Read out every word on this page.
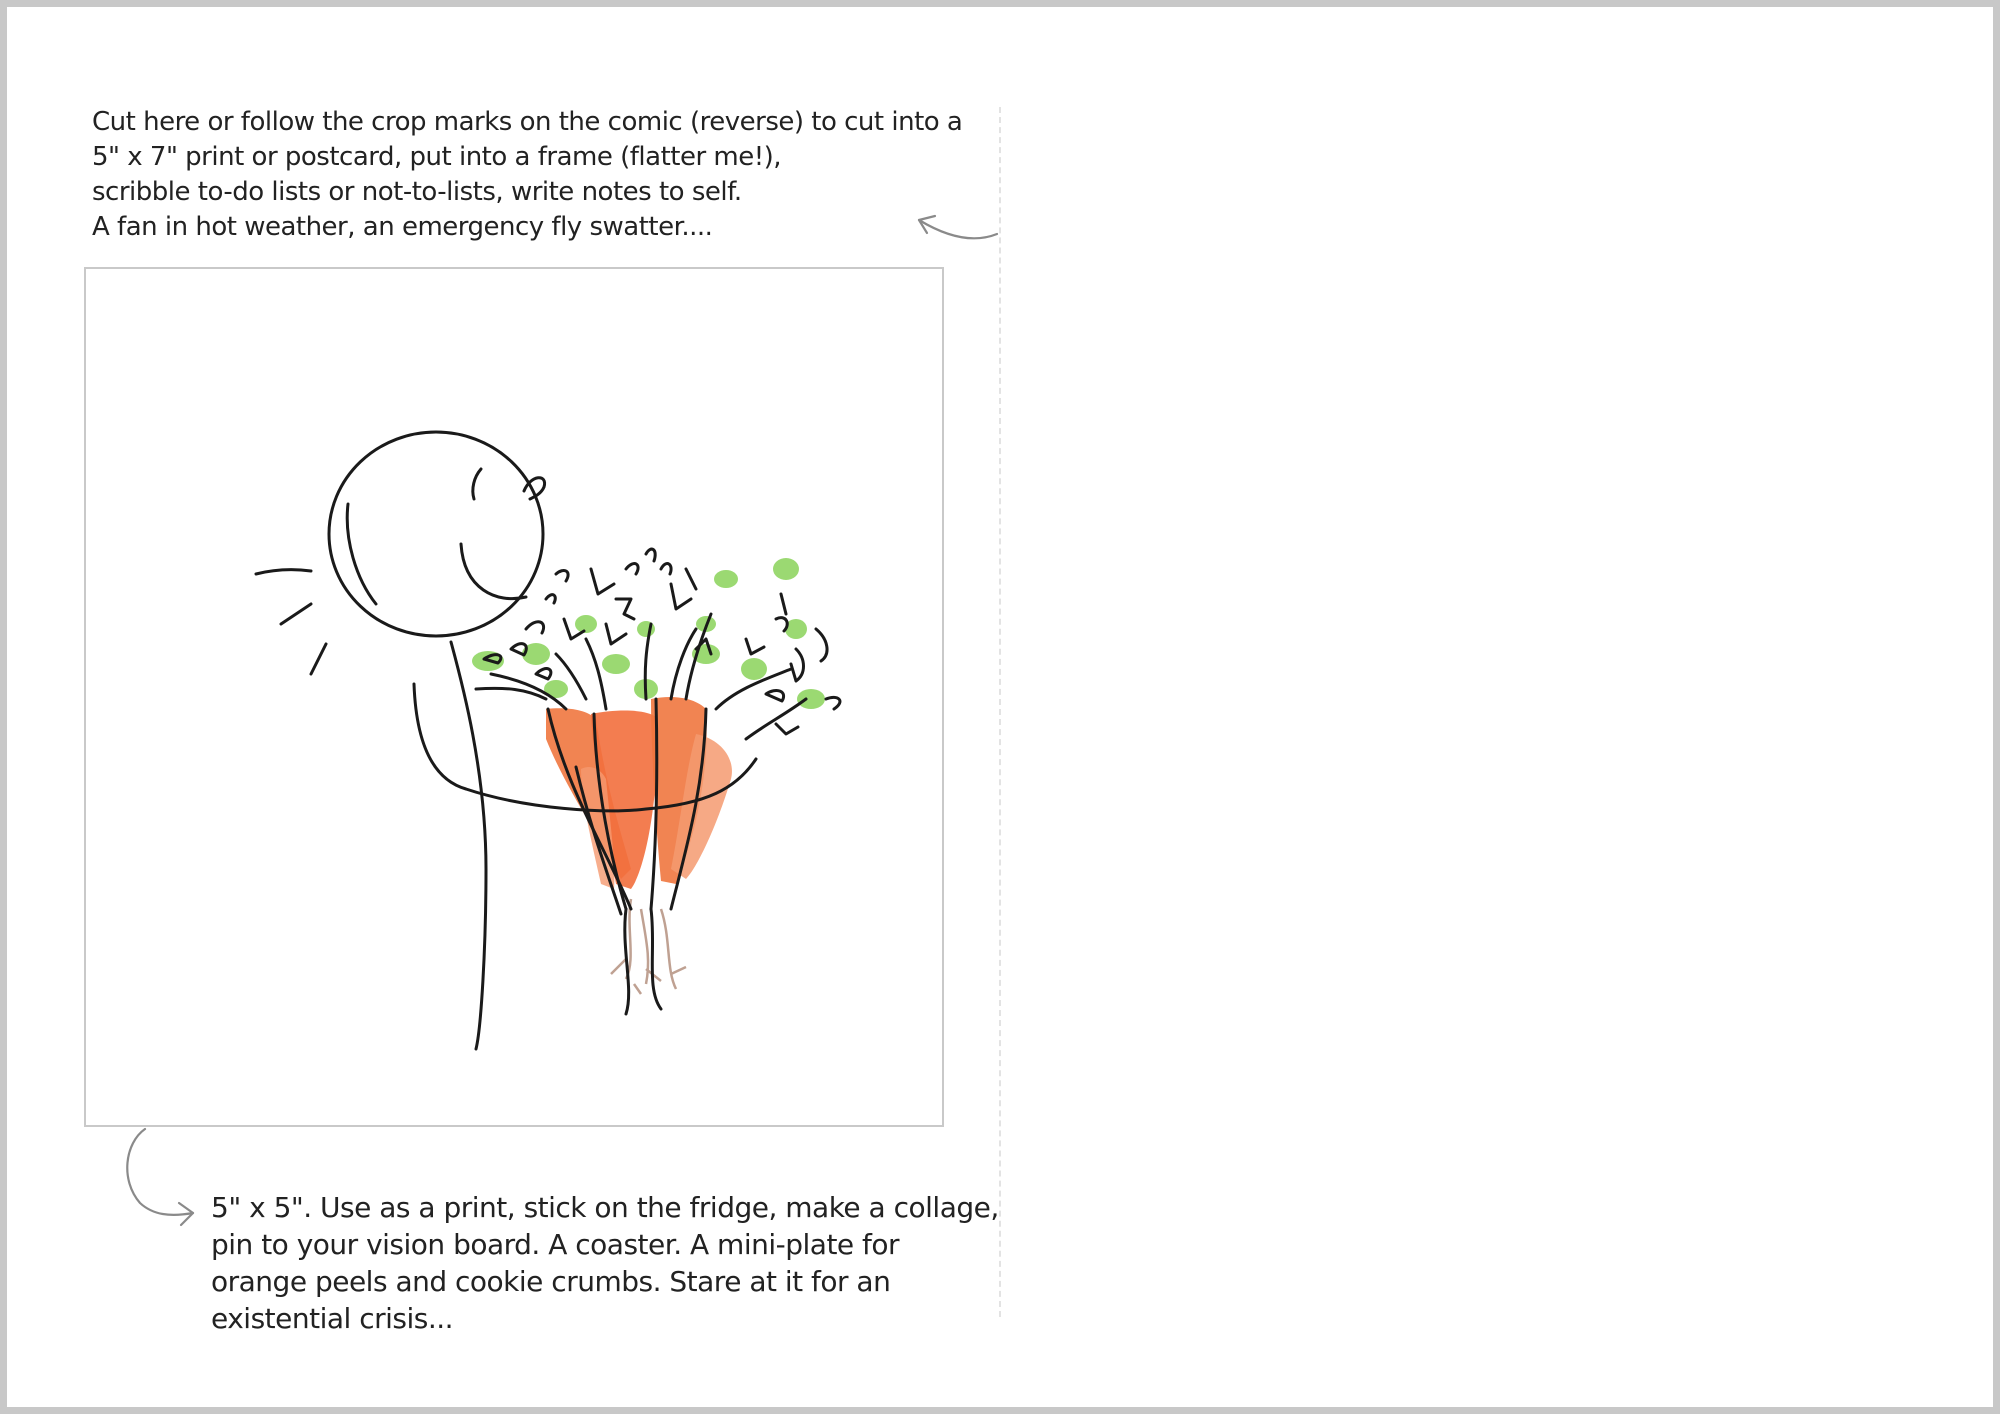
Cut here or follow the crop marks on the comic (reverse) to cut into a
5" x 7" print or postcard, put into a frame (flatter me!),
scribble to-do lists or not-to-lists, write notes to self.
A fan in hot weather, an emergency fly swatter....
5" x 5". Use as a print, stick on the fridge, make a collage,
pin to your vision board. A coaster. A mini-plate for
orange peels and cookie crumbs. Stare at it for an
existential crisis...
